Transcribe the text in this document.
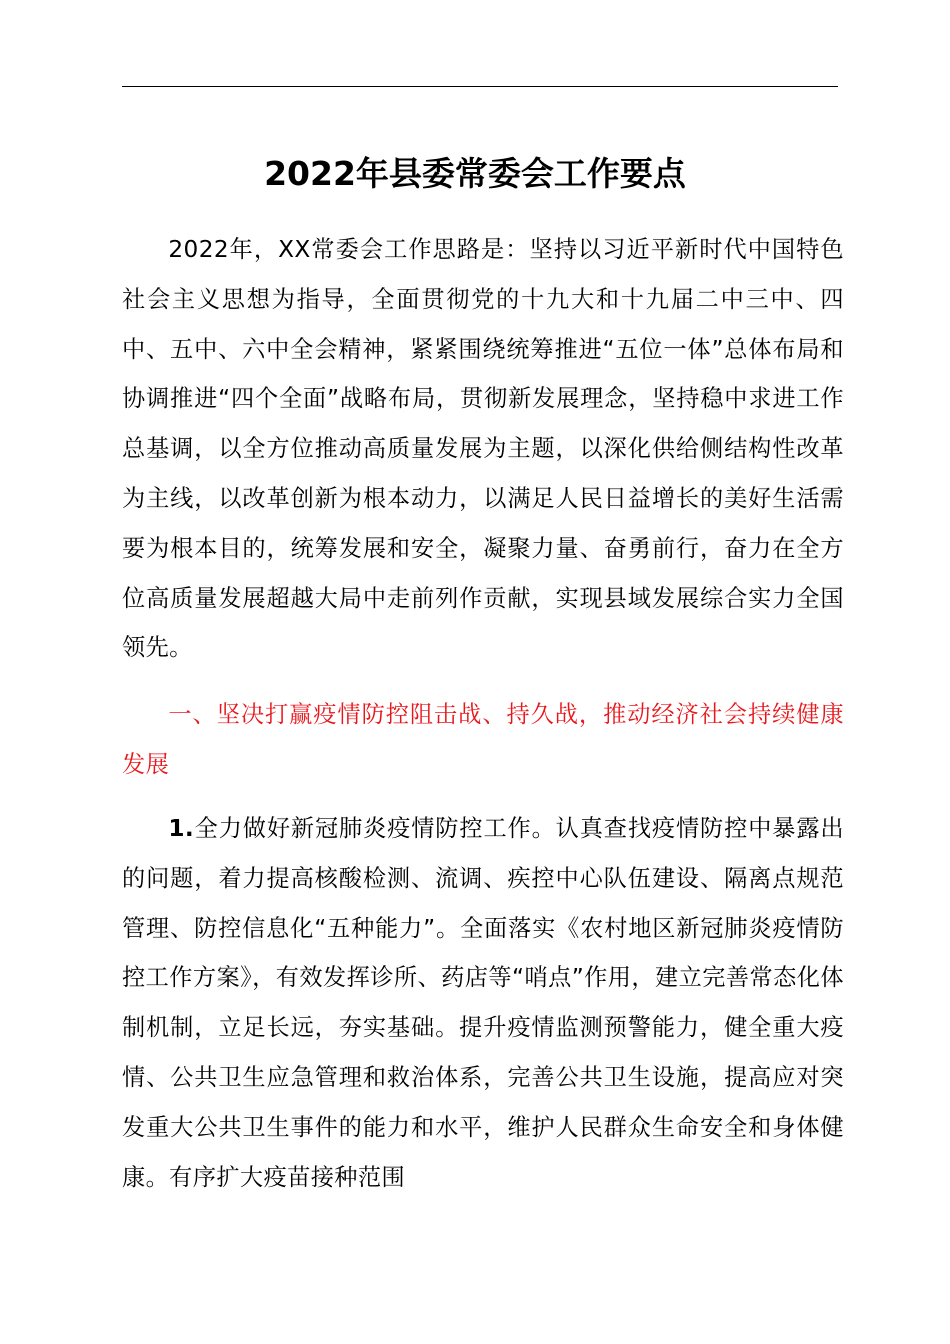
2022年县委常委会工作要点

2022年，XX常委会工作思路是：坚持以习近平新时代中国特色社会主义思想为指导，全面贯彻党的十九大和十九届二中三中、四中、五中、六中全会精神，紧紧围绕统筹推进“五位一体”总体布局和协调推进“四个全面”战略布局，贯彻新发展理念，坚持稳中求进工作总基调，以全方位推动高质量发展为主题，以深化供给侧结构性改革为主线，以改革创新为根本动力，以满足人民日益增长的美好生活需要为根本目的，统筹发展和安全，凝聚力量、奋勇前行，奋力在全方位高质量发展超越大局中走前列作贡献，实现县域发展综合实力全国领先。

一、坚决打赢疫情防控阻击战、持久战，推动经济社会持续健康发展

1.全力做好新冠肺炎疫情防控工作。认真查找疫情防控中暴露出的问题，着力提高核酸检测、流调、疾控中心队伍建设、隔离点规范管理、防控信息化“五种能力”。全面落实《农村地区新冠肺炎疫情防控工作方案》，有效发挥诊所、药店等“哨点”作用，建立完善常态化体制机制，立足长远，夯实基础。提升疫情监测预警能力，健全重大疫情、公共卫生应急管理和救治体系，完善公共卫生设施，提高应对突发重大公共卫生事件的能力和水平，维护人民群众生命安全和身体健康。有序扩大疫苗接种范围
